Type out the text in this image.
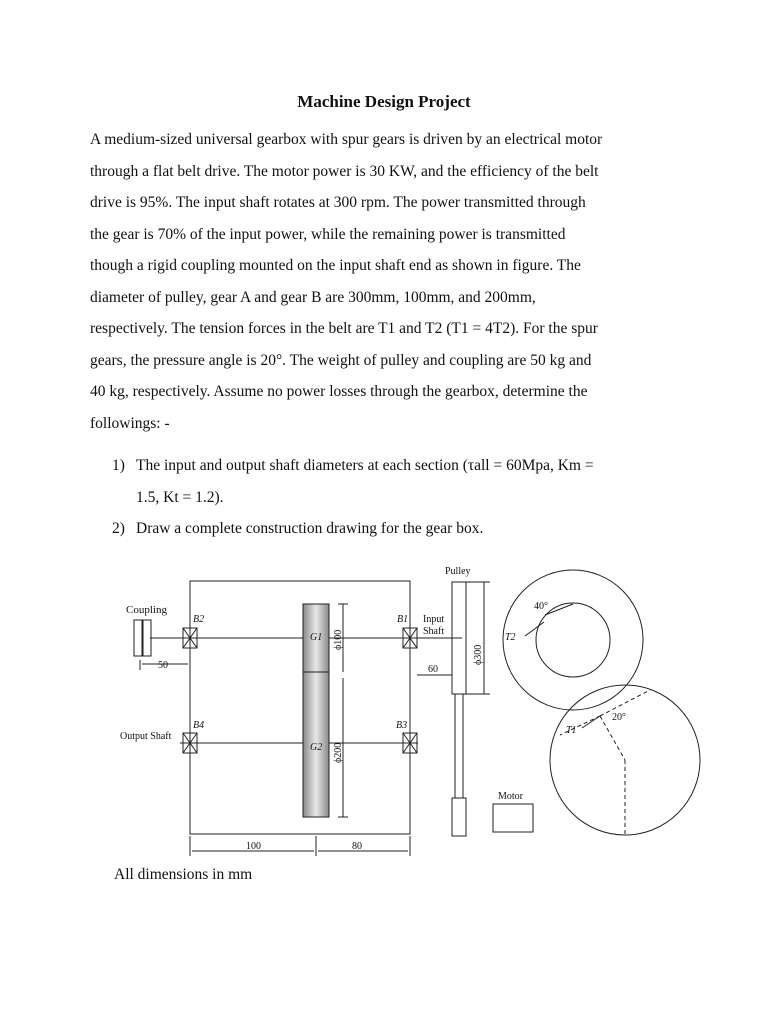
Machine Design Project
A medium-sized universal gearbox with spur gears is driven by an electrical motor
through a flat belt drive. The motor power is 30 KW, and the efficiency of the belt
drive is 95%. The input shaft rotates at 300 rpm. The power transmitted through
the gear is 70% of the input power, while the remaining power is transmitted
though a rigid coupling mounted on the input shaft end as shown in figure. The
diameter of pulley, gear A and gear B are 300mm, 100mm, and 200mm,
respectively. The tension forces in the belt are T1 and T2 (T1 = 4T2). For the spur
gears, the pressure angle is 20°. The weight of pulley and coupling are 50 kg and
40 kg, respectively. Assume no power losses through the gearbox, determine the
followings: -
1) The input and output shaft diameters at each section (τall = 60Mpa, Km =
1.5, Kt = 1.2).
2) Draw a complete construction drawing for the gear box.
Coupling
Pulley
Input
Shaft
Output Shaft
Motor
B2	B1
B4	B3
G1
G2
ϕ100
ϕ200
ϕ300
50	60
100	80
40°
20°
T2
T1
All dimensions in mm
